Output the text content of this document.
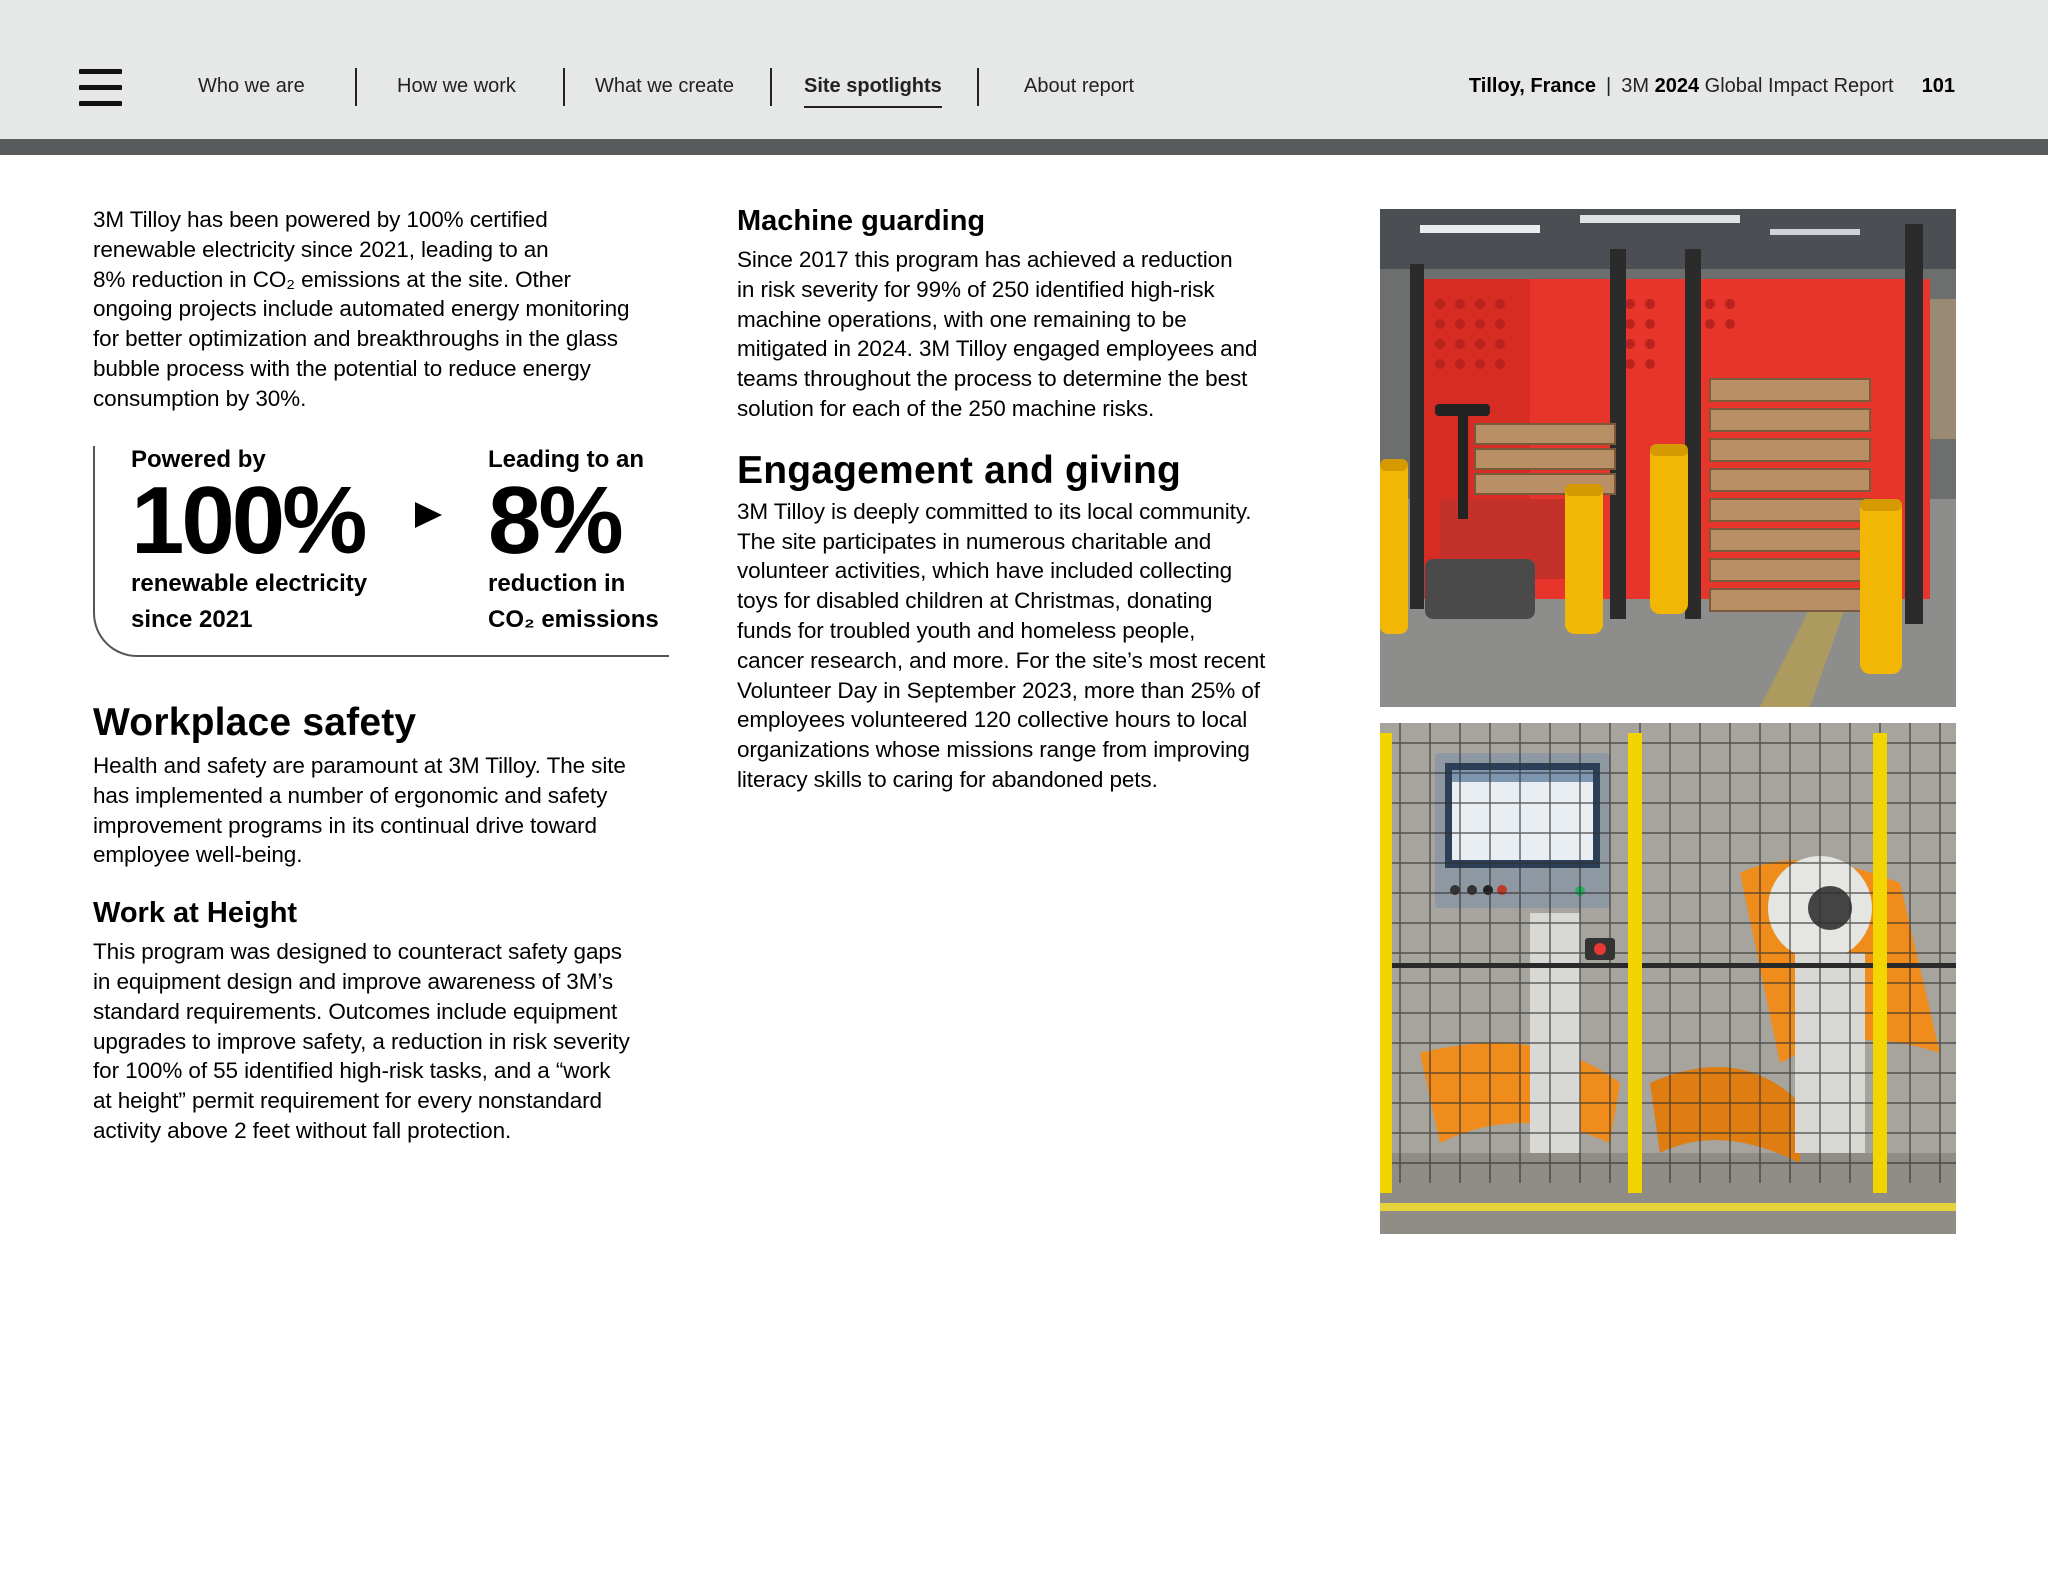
Who we are	How we work	What we create	Site spotlights	About report	Tilloy, France | 3M 2024 Global Impact Report 101

3M Tilloy has been powered by 100% certified
renewable electricity since 2021, leading to an
8% reduction in CO₂ emissions at the site. Other
ongoing projects include automated energy monitoring
for better optimization and breakthroughs in the glass
bubble process with the potential to reduce energy
consumption by 30%.

Powered by
100%
renewable electricity
since 2021
Leading to an
8%
reduction in
CO₂ emissions
Workplace safety

Health and safety are paramount at 3M Tilloy. The site
has implemented a number of ergonomic and safety
improvement programs in its continual drive toward
employee well-being.

Work at Height

This program was designed to counteract safety gaps
in equipment design and improve awareness of 3M’s
standard requirements. Outcomes include equipment
upgrades to improve safety, a reduction in risk severity
for 100% of 55 identified high-risk tasks, and a “work
at height” permit requirement for every nonstandard
activity above 2 feet without fall protection.

Machine guarding

Since 2017 this program has achieved a reduction
in risk severity for 99% of 250 identified high-risk
machine operations, with one remaining to be
mitigated in 2024. 3M Tilloy engaged employees and
teams throughout the process to determine the best
solution for each of the 250 machine risks.

Engagement and giving

3M Tilloy is deeply committed to its local community.
The site participates in numerous charitable and
volunteer activities, which have included collecting
toys for disabled children at Christmas, donating
funds for troubled youth and homeless people,
cancer research, and more. For the site’s most recent
Volunteer Day in September 2023, more than 25% of
employees volunteered 120 collective hours to local
organizations whose missions range from improving
literacy skills to caring for abandoned pets.
